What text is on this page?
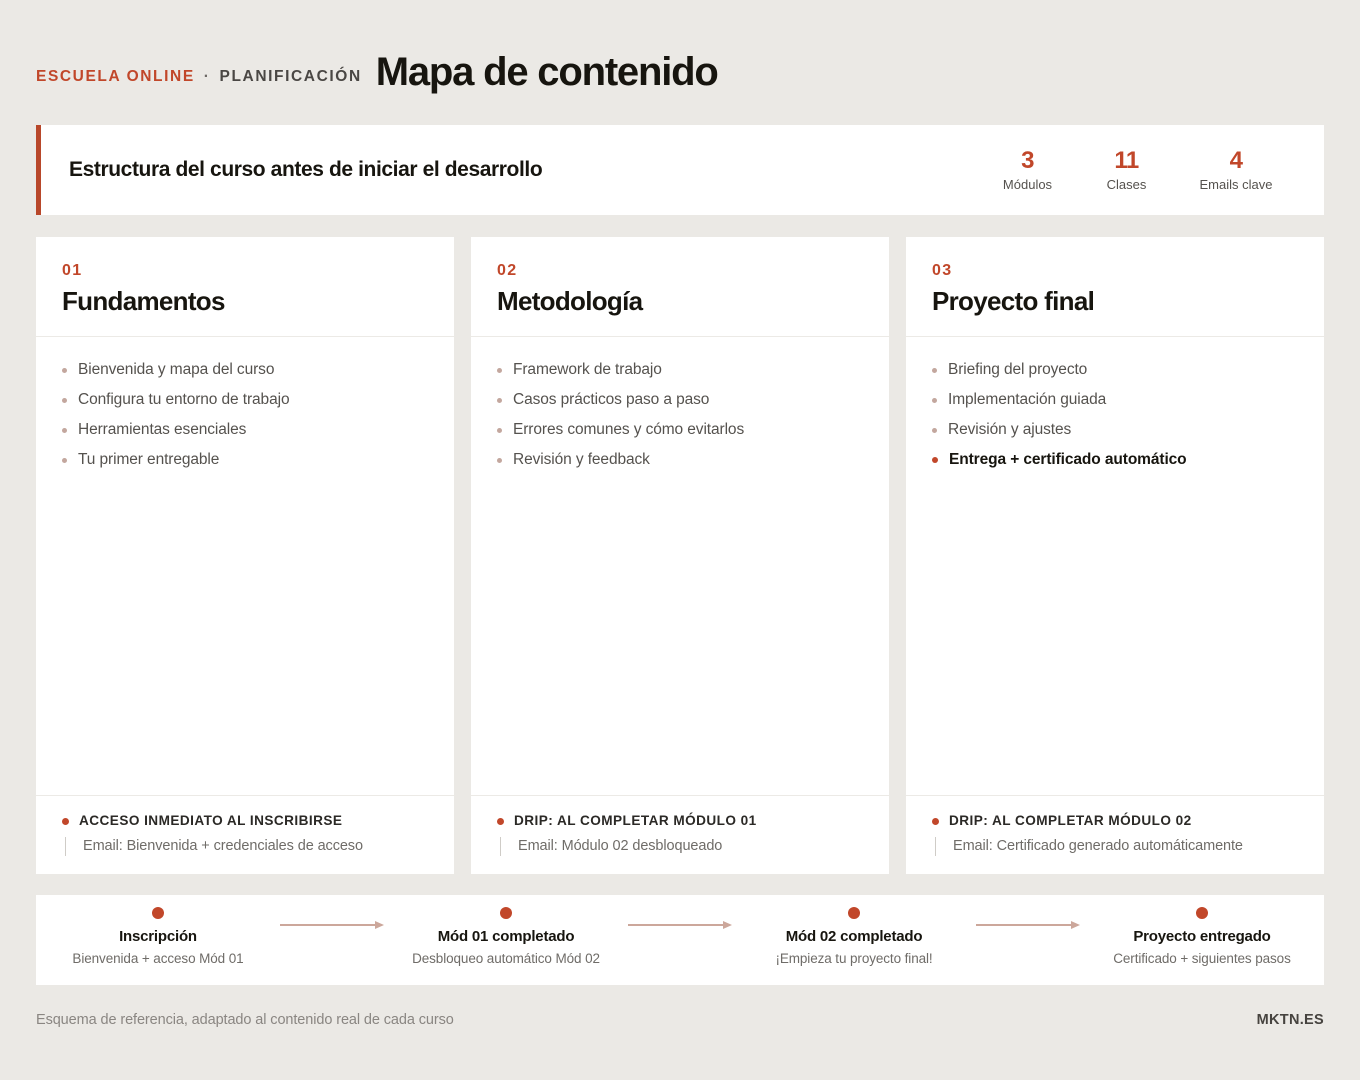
ESCUELA ONLINE · PLANIFICACIÓN Mapa de contenido
Estructura del curso antes de iniciar el desarrollo	3
Módulos
11
Clases
4
Emails clave
01
Fundamentos
Bienvenida y mapa del curso
Configura tu entorno de trabajo
Herramientas esenciales
Tu primer entregable
ACCESO INMEDIATO AL INSCRIBIRSE
Email: Bienvenida + credenciales de acceso
02
Metodología
Framework de trabajo
Casos prácticos paso a paso
Errores comunes y cómo evitarlos
Revisión y feedback
DRIP: AL COMPLETAR MÓDULO 01
Email: Módulo 02 desbloqueado
03
Proyecto final
Briefing del proyecto
Implementación guiada
Revisión y ajustes
Entrega + certificado automático
DRIP: AL COMPLETAR MÓDULO 02
Email: Certificado generado automáticamente
Inscripción
Bienvenida + acceso Mód 01
Mód 01 completado
Desbloqueo automático Mód 02
Mód 02 completado
¡Empieza tu proyecto final!
Proyecto entregado
Certificado + siguientes pasos
Esquema de referencia, adaptado al contenido real de cada curso	MKTN.ES
